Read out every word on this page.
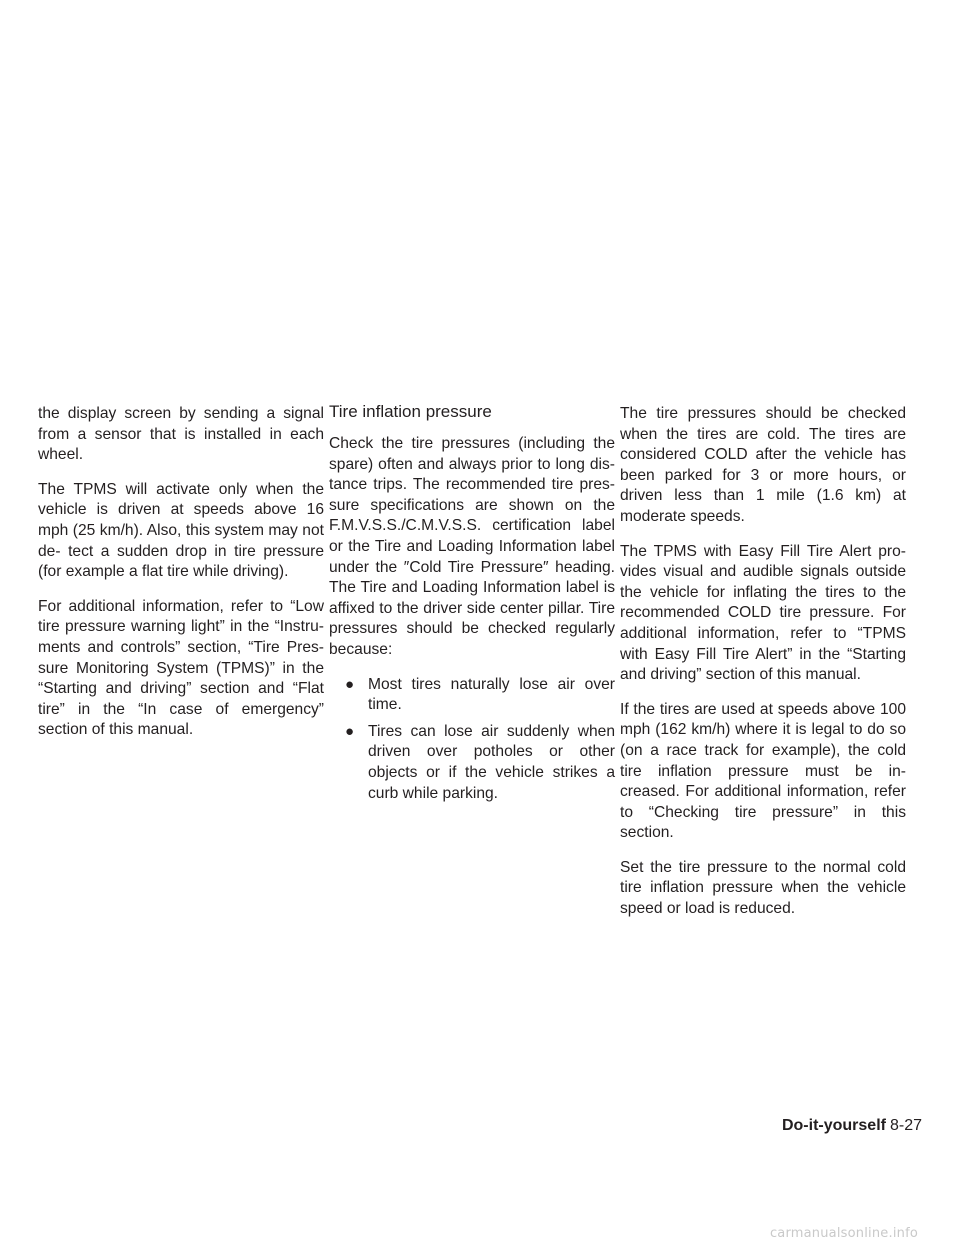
the display screen by sending a signal from a sensor that is installed in each wheel.

The TPMS will activate only when the vehicle is driven at speeds above 16 mph (25 km/h). Also, this system may not de- tect a sudden drop in tire pressure (for example a flat tire while driving).

For additional information, refer to “Low tire pressure warning light” in the “Instru- ments and controls” section, “Tire Pres- sure Monitoring System (TPMS)” in the “Starting and driving” section and “Flat tire” in the “In case of emergency” section of this manual.

Tire inflation pressure

Check the tire pressures (including the spare) often and always prior to long dis- tance trips. The recommended tire pres- sure specifications are shown on the F.M.V.S.S./C.M.V.S.S. certification label or the Tire and Loading Information label under the ″Cold Tire Pressure″ heading. The Tire and Loading Information label is affixed to the driver side center pillar. Tire pressures should be checked regularly because:

● Most tires naturally lose air over time.
● Tires can lose air suddenly when driven over potholes or other objects or if the vehicle strikes a curb while parking.

The tire pressures should be checked when the tires are cold. The tires are considered COLD after the vehicle has been parked for 3 or more hours, or driven less than 1 mile (1.6 km) at moderate speeds.

The TPMS with Easy Fill Tire Alert pro- vides visual and audible signals outside the vehicle for inflating the tires to the recommended COLD tire pressure. For additional information, refer to “TPMS with Easy Fill Tire Alert” in the “Starting and driving” section of this manual.

If the tires are used at speeds above 100 mph (162 km/h) where it is legal to do so (on a race track for example), the cold tire inflation pressure must be in- creased. For additional information, refer to “Checking tire pressure” in this section.

Set the tire pressure to the normal cold tire inflation pressure when the vehicle speed or load is reduced.

Do-it-yourself 8-27
carmanualsonline.info
